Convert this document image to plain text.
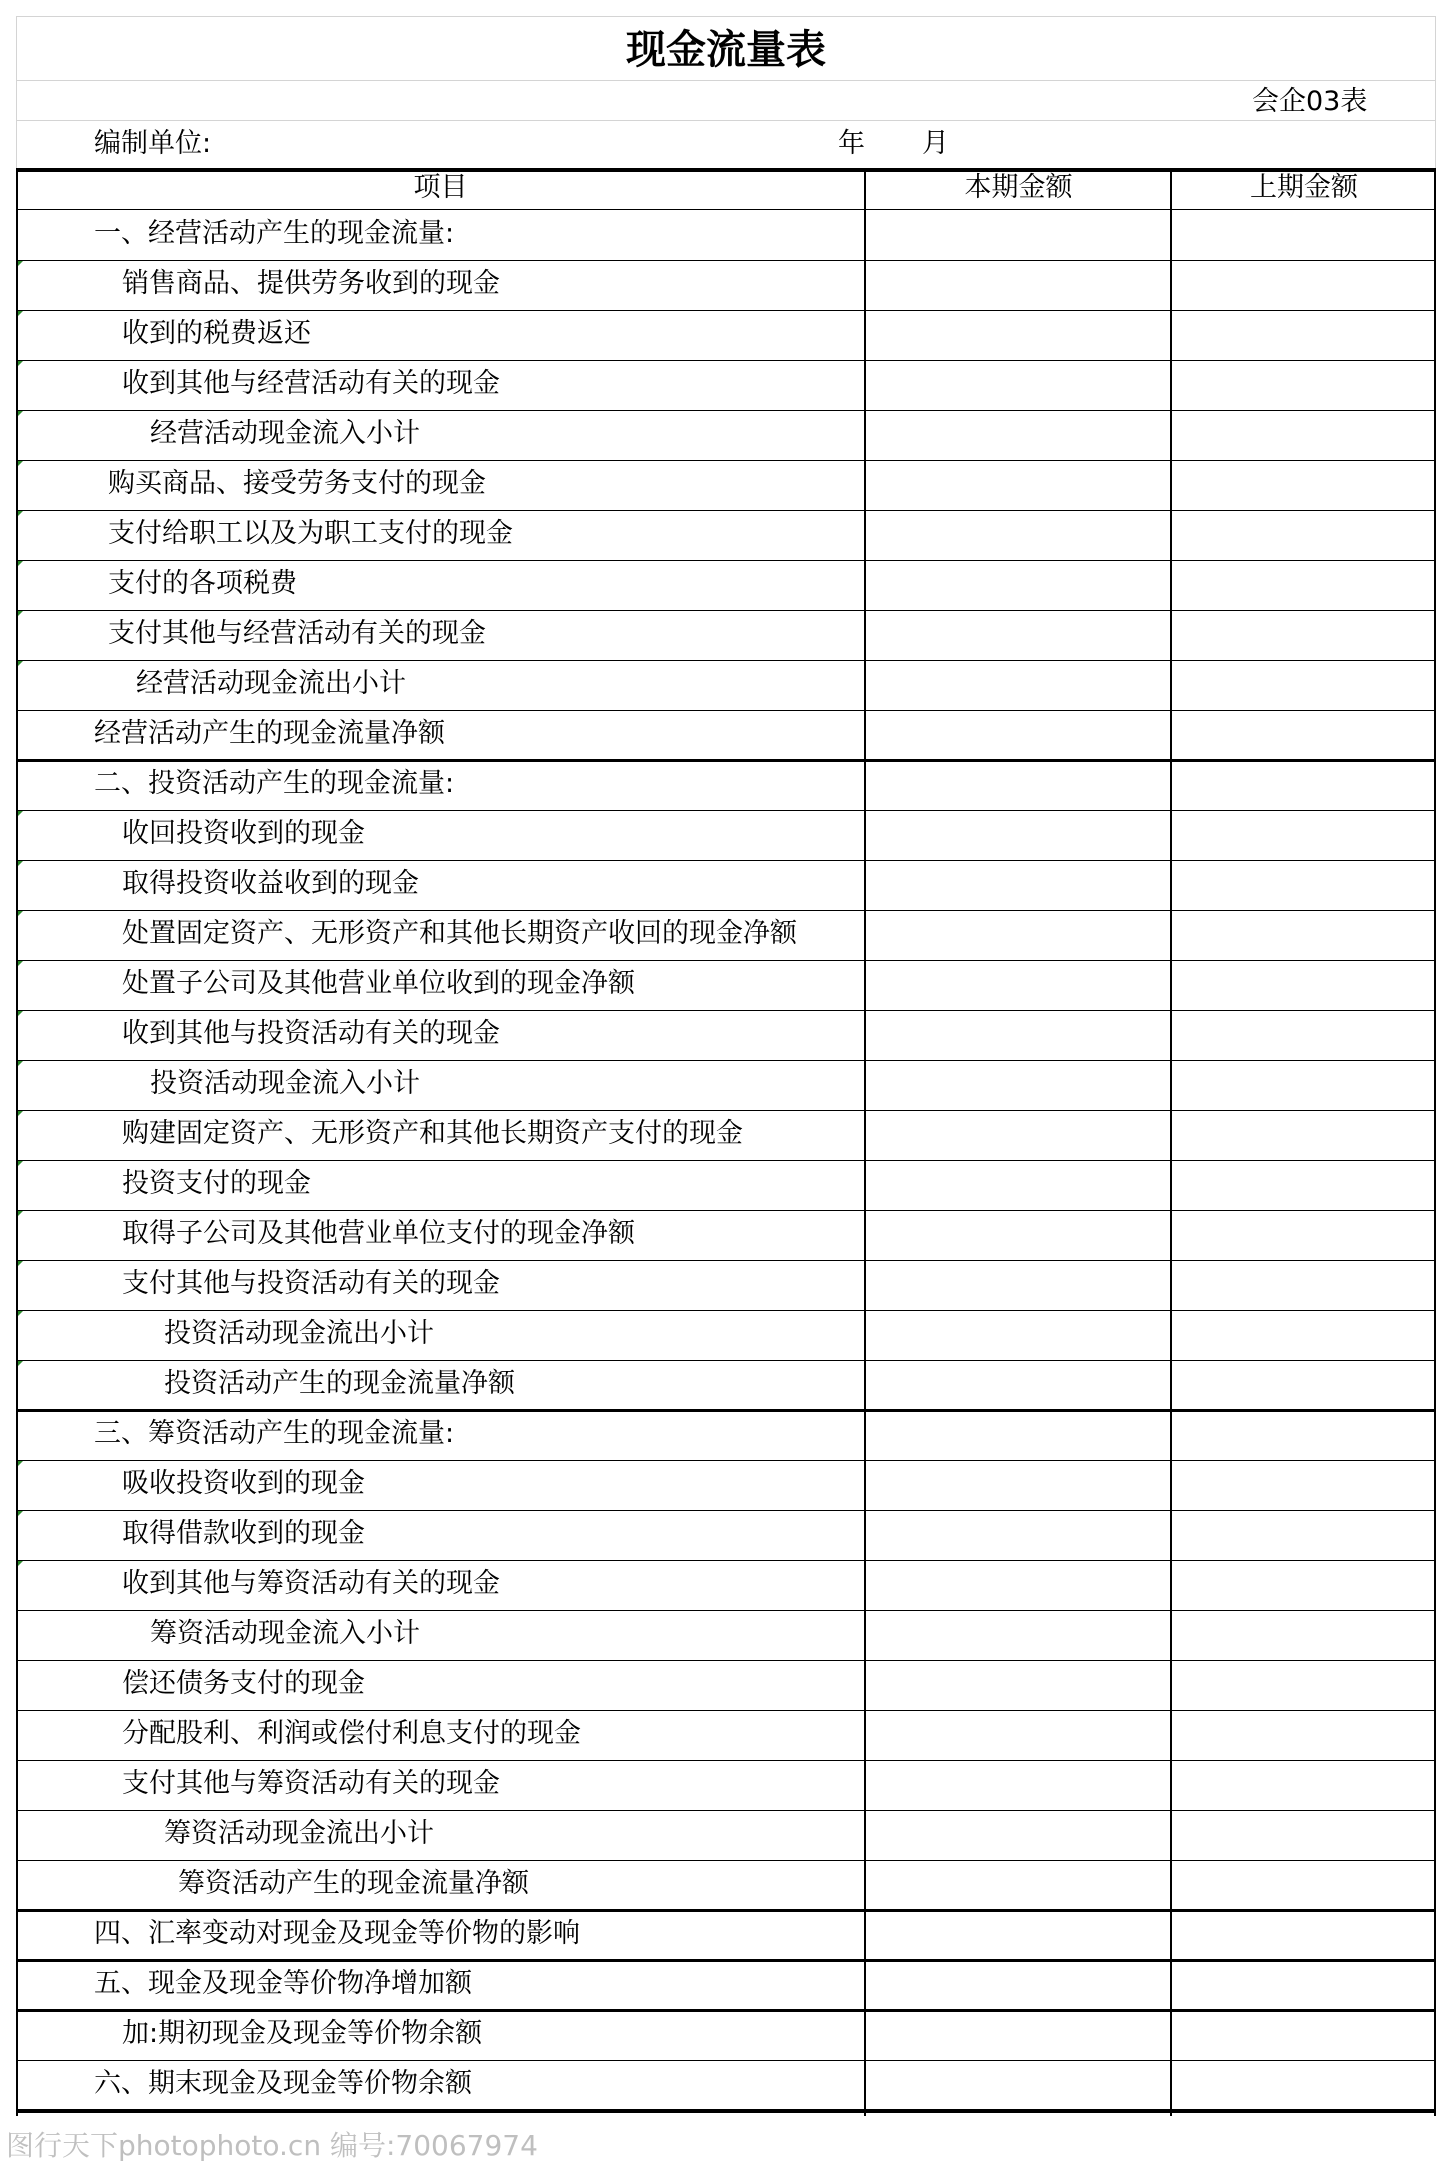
现金流量表
会企03表
编制单位:	年 月
项目	本期金额	上期金额
一、经营活动产生的现金流量:
销售商品、提供劳务收到的现金
收到的税费返还
收到其他与经营活动有关的现金
经营活动现金流入小计
购买商品、接受劳务支付的现金
支付给职工以及为职工支付的现金
支付的各项税费
支付其他与经营活动有关的现金
经营活动现金流出小计
经营活动产生的现金流量净额
二、投资活动产生的现金流量:
收回投资收到的现金
取得投资收益收到的现金
处置固定资产、无形资产和其他长期资产收回的现金净额
处置子公司及其他营业单位收到的现金净额
收到其他与投资活动有关的现金
投资活动现金流入小计
购建固定资产、无形资产和其他长期资产支付的现金
投资支付的现金
取得子公司及其他营业单位支付的现金净额
支付其他与投资活动有关的现金
投资活动现金流出小计
投资活动产生的现金流量净额
三、筹资活动产生的现金流量:
吸收投资收到的现金
取得借款收到的现金
收到其他与筹资活动有关的现金
筹资活动现金流入小计
偿还债务支付的现金
分配股利、利润或偿付利息支付的现金
支付其他与筹资活动有关的现金
筹资活动现金流出小计
筹资活动产生的现金流量净额
四、汇率变动对现金及现金等价物的影响
五、现金及现金等价物净增加额
加:期初现金及现金等价物余额
六、期末现金及现金等价物余额
图行天下photophoto.cn 编号:70067974
